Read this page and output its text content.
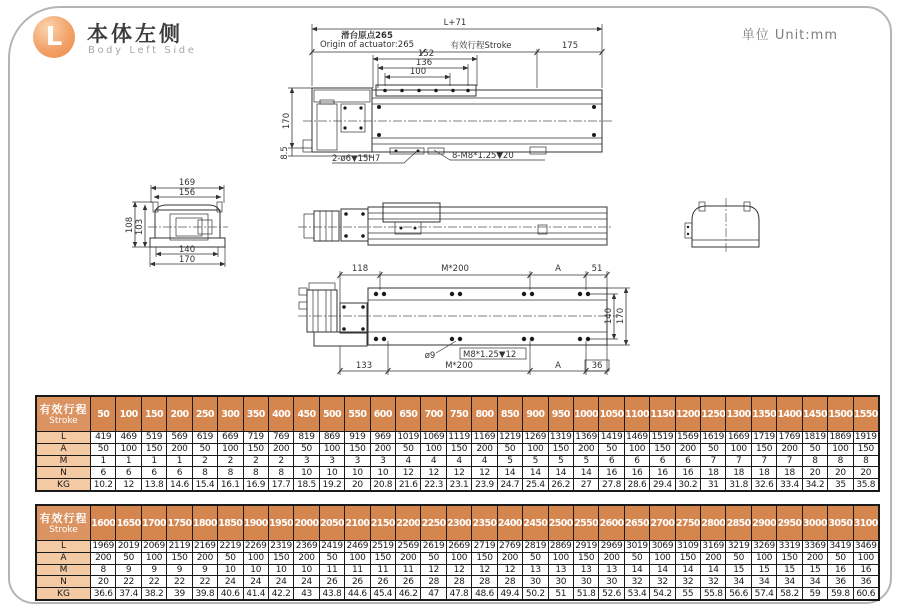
L 本体左侧
Body Left Side
单位 Unit:mm
L+71
滑台原点265
Origin of actuator:265	有效行程Stroke	175
152
136
100
170
8.5	2-ø6▼15H7	8-M8*1.25▼20
169
156
108 103
140
170
118	M*200	A	51
140 170
133	M*200	A	36
ø9	M8*1.25▼12
有效行程
Stroke
50	100 150 200 250 300 350 400 450 500 550 600 650 700 750 800 850 900 950 1000 1050 1100 1150 1200 1250 1300 1350 1400 1450 1500 1550
L	419	469	519	569	619	669	719	769	819	869	919	969 1019 1069 1119 1169 1219 1269 1319 1369 1419 1469 1519 1569 1619 1669 1719 1769 1819 1869 1919
A	50	100	150	200	50	100	150	200	50	100	150	200	50	100	150	200	50	100	150	200	50	100	150	200	50	100	150	200	50	100	150
M	1	1	1	1	2	2	2	2	3	3	3	3	4	4	4	4	5	5	5	5	6	6	6	6	7	7	7	7	8	8	8
N	6	6	6	6	8	8	8	8	10	10	10	10	12	12	12	12	14	14	14	14	16	16	16	16	18	18	18	18	20	20	20
KG	10.2	12	13.8 14.6 15.4 16.1 16.9 17.7 18.5 19.2	20	20.8 21.6 22.3 23.1 23.9 24.7 25.4 26.2	27	27.8 28.6 29.4 30.2	31	31.8 32.6 33.4 34.2	35	35.8
有效行程
Stroke
1600 1650 1700 1750 1800 1850 1900 1950 2000 2050 2100 2150 2200 2250 2300 2350 2400 2450 2500 2550 2600 2650 2700 2750 2800 2850 2900 2950 3000 3050 3100
L	1969 2019 2069 2119 2169 2219 2269 2319 2369 2419 2469 2519 2569 2619 2669 2719 2769 2819 2869 2919 2969 3019 3069 3109 3169 3219 3269 3319 3369 3419 3469
A	200	50	100	150	200	50	100	150	200	50	100	150	200	50	100	150	200	50	100	150	200	50	100	150	200	50	100	150	200	50	100
M	8	9	9	9	9	10	10	10	10	11	11	11	11	12	12	12	12	13	13	13	13	14	14	14	14	15	15	15	15	16	16
N	20	22	22	22	22	24	24	24	24	26	26	26	26	28	28	28	28	30	30	30	30	32	32	32	32	34	34	34	34	36	36
KG	36.6 37.4 38.2	39	39.8 40.6 41.4 42.2	43	43.8 44.6 45.4 46.2	47	47.8 48.6 49.4 50.2	51	51.8 52.6 53.4 54.2	55	55.8 56.6 57.4 58.2	59	59.8 60.6
